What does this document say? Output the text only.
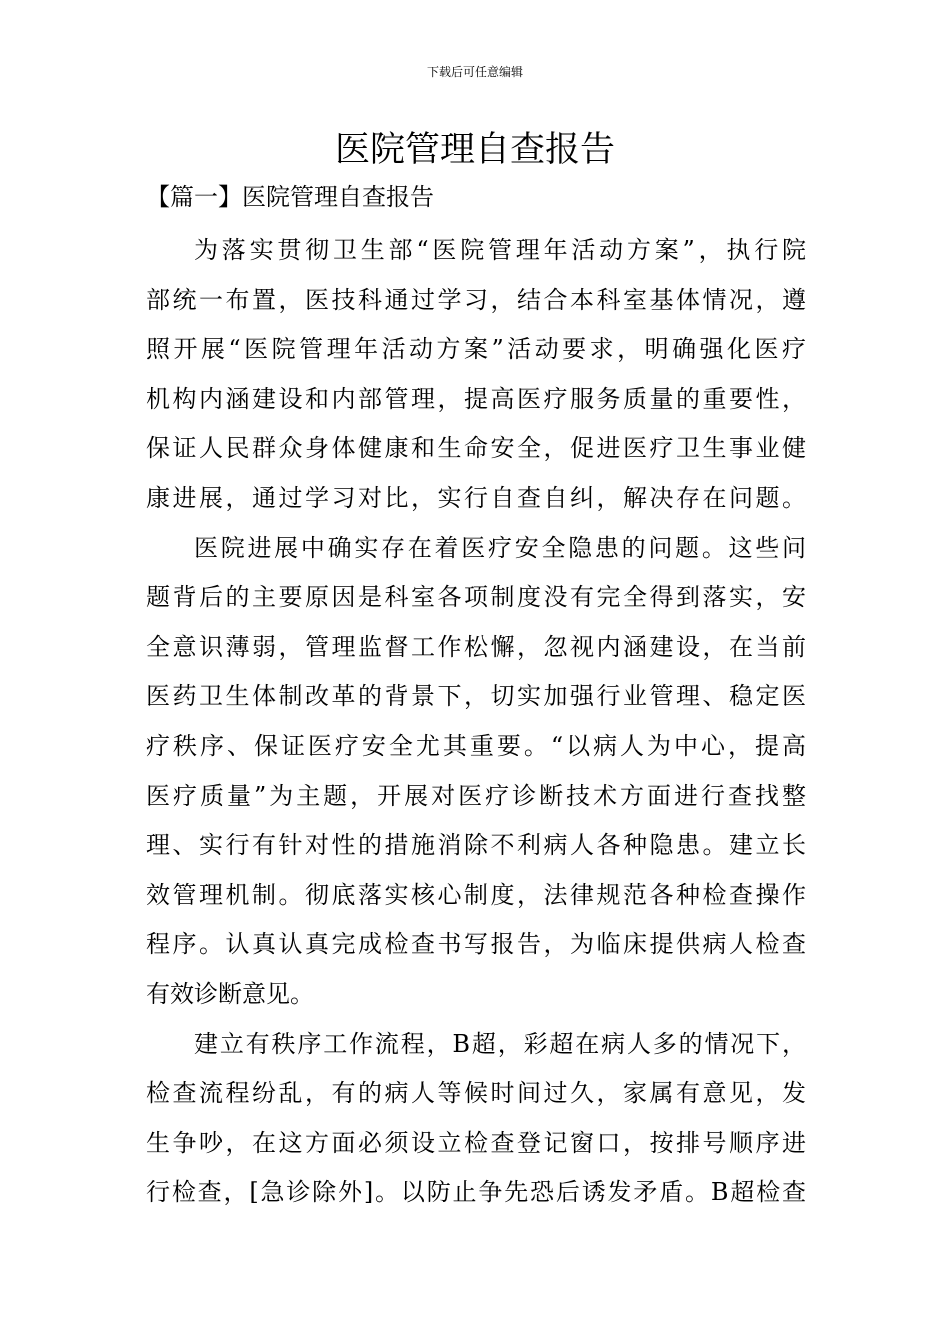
下载后可任意编辑
医院管理自查报告
【篇一】医院管理自查报告
为落实贯彻卫生部“医院管理年活动方案”，执行院
部统一布置，医技科通过学习，结合本科室基体情况，遵
照开展“医院管理年活动方案”活动要求，明确强化医疗
机构内涵建设和内部管理，提高医疗服务质量的重要性，
保证人民群众身体健康和生命安全，促进医疗卫生事业健
康进展，通过学习对比，实行自查自纠，解决存在问题。
医院进展中确实存在着医疗安全隐患的问题。这些问
题背后的主要原因是科室各项制度没有完全得到落实，安
全意识薄弱，管理监督工作松懈，忽视内涵建设，在当前
医药卫生体制改革的背景下，切实加强行业管理、稳定医
疗秩序、保证医疗安全尤其重要。“以病人为中心，提高
医疗质量”为主题，开展对医疗诊断技术方面进行查找整
理、实行有针对性的措施消除不利病人各种隐患。建立长
效管理机制。彻底落实核心制度，法律规范各种检查操作
程序。认真认真完成检查书写报告，为临床提供病人检查
有效诊断意见。
建立有秩序工作流程，B超，彩超在病人多的情况下，
检查流程纷乱，有的病人等候时间过久，家属有意见，发
生争吵，在这方面必须设立检查登记窗口，按排号顺序进
行检查，[急诊除外]。以防止争先恐后诱发矛盾。B超检查
